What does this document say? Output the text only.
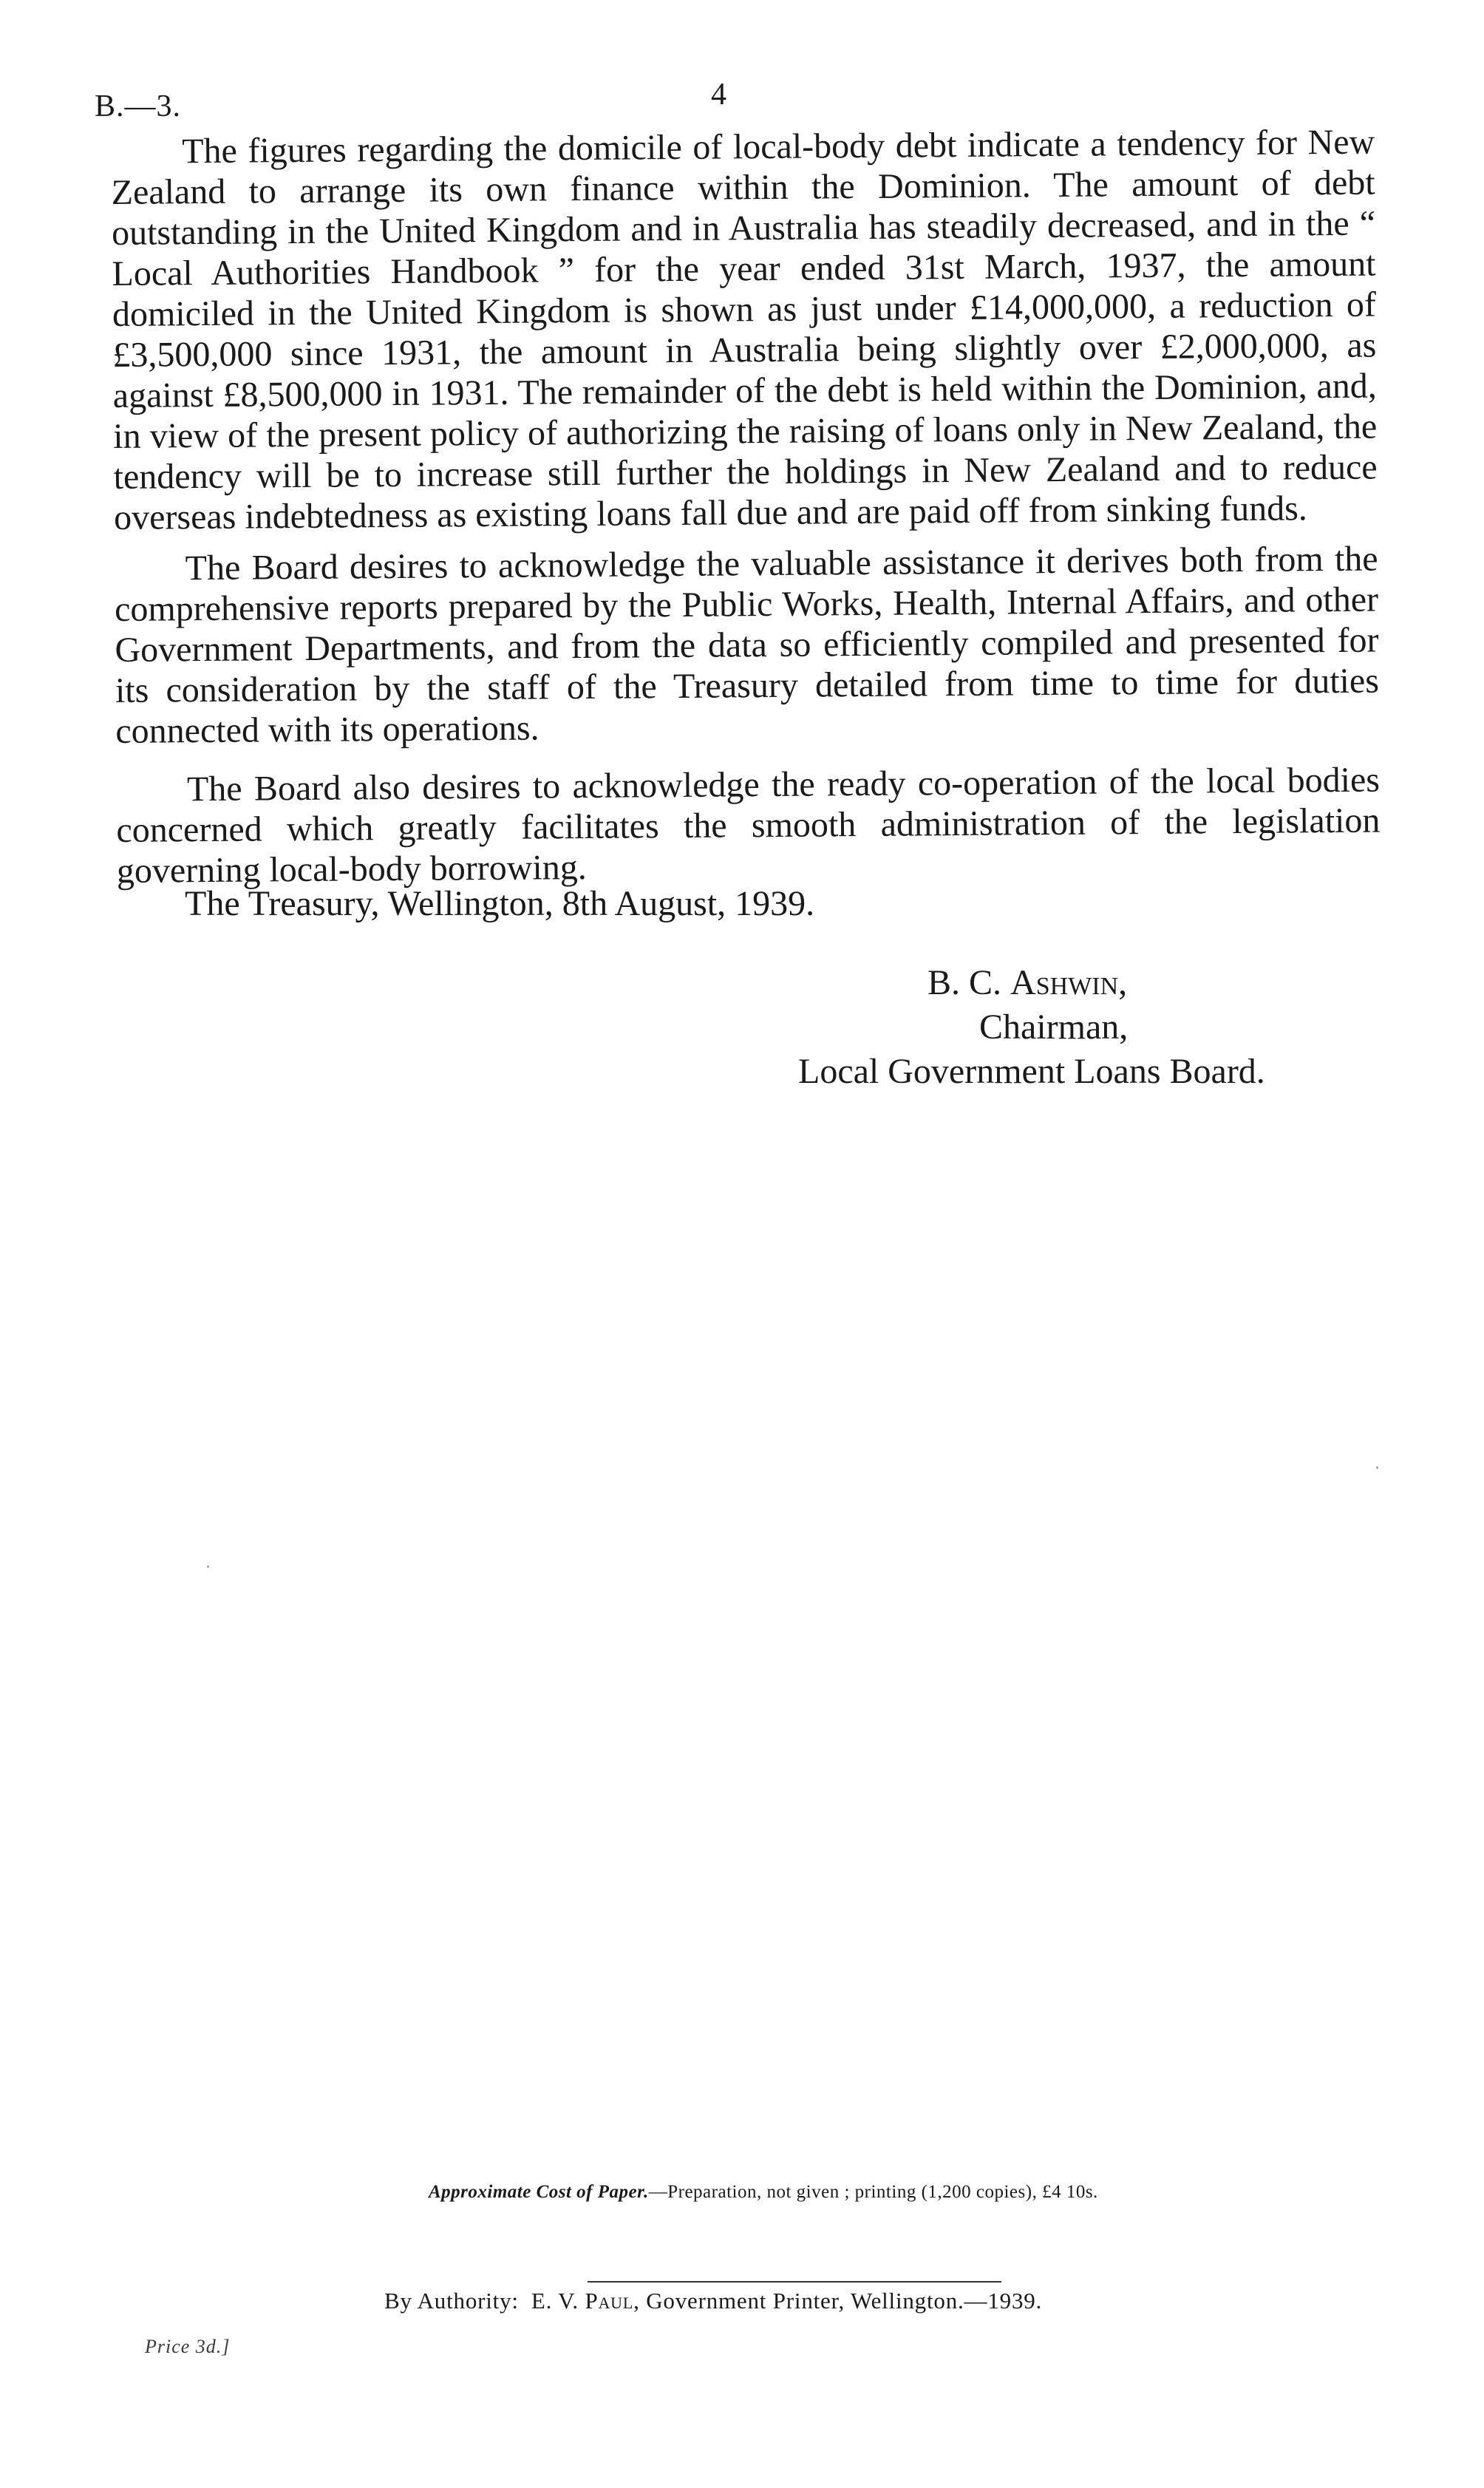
B.—3.	4

The figures regarding the domicile of local-body debt indicate a tendency for New Zealand to arrange its own finance within the Dominion. The amount of debt outstanding in the United Kingdom and in Australia has steadily decreased, and in the “ Local Authorities Handbook ” for the year ended 31st March, 1937, the amount domiciled in the United Kingdom is shown as just under £14,000,000, a reduction of £3,500,000 since 1931, the amount in Australia being slightly over £2,000,000, as against £8,500,000 in 1931. The remainder of the debt is held within the Dominion, and, in view of the present policy of authorizing the raising of loans only in New Zealand, the tendency will be to increase still further the holdings in New Zealand and to reduce overseas indebtedness as existing loans fall due and are paid off from sinking funds.

The Board desires to acknowledge the valuable assistance it derives both from the comprehensive reports prepared by the Public Works, Health, Internal Affairs, and other Government Departments, and from the data so efficiently compiled and presented for its consideration by the staff of the Treasury detailed from time to time for duties connected with its operations.

The Board also desires to acknowledge the ready co-operation of the local bodies concerned which greatly facilitates the smooth administration of the legislation governing local-body borrowing.

The Treasury, Wellington, 8th August, 1939.
B. C. Ashwin,
Chairman,
Local Government Loans Board.
Approximate Cost of Paper.—Preparation, not given ; printing (1,200 copies), £4 10s.
By Authority: E. V. Paul, Government Printer, Wellington.—1939.
Price 3d.]
